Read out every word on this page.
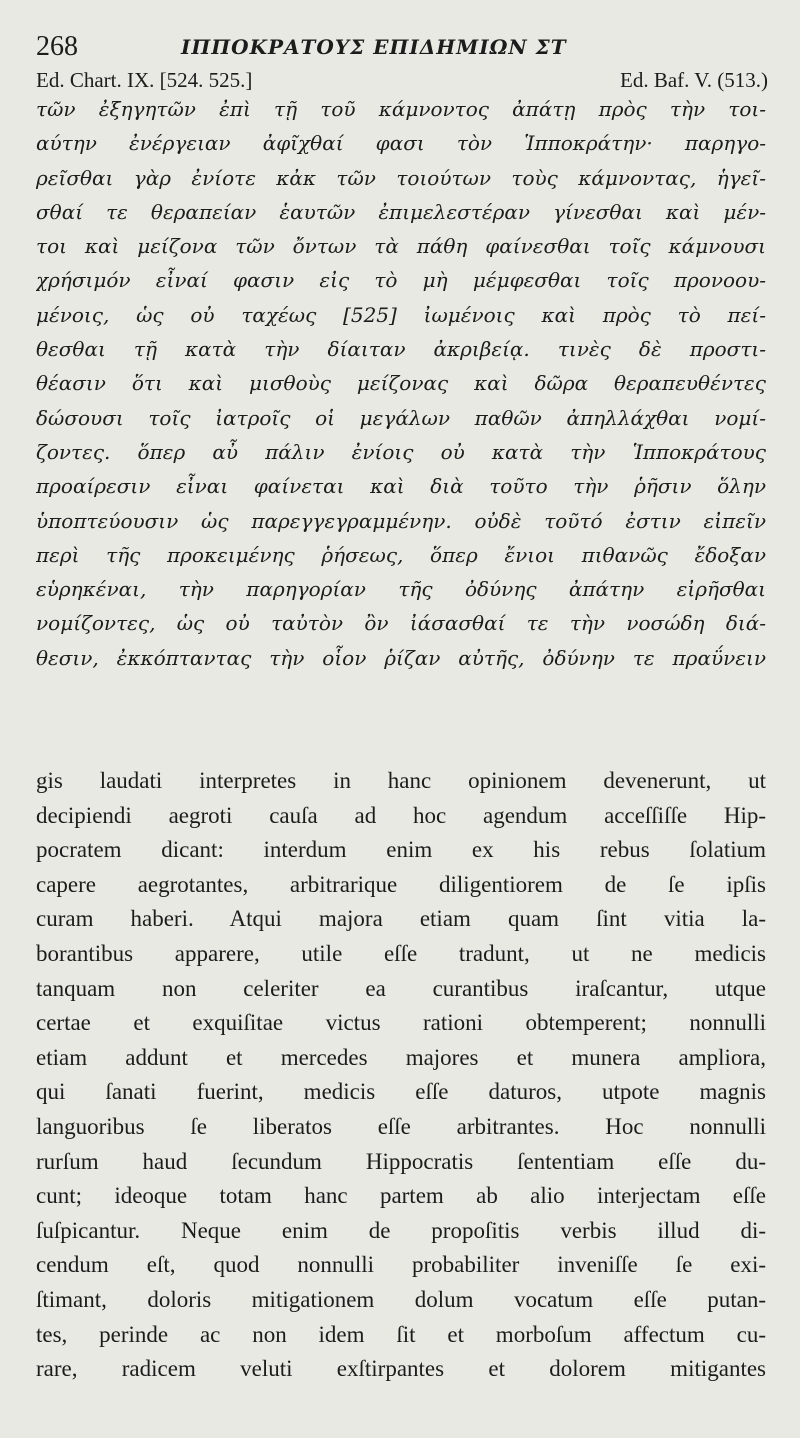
268	ΙΠΠΟΚΡΑΤΟΥΣ ΕΠΙΔΗΜΙΩΝ ΣΤ
Ed. Chart. IX. [524. 525.]	Ed. Baf. V. (513.)
τῶν ἐξηγητῶν ἐπὶ τῇ τοῦ κάμνοντος ἀπάτῃ πρὸς τὴν τοι-
αύτην ἐνέργειαν ἀφῖχθαί φασι τὸν Ἱπποκράτην· παρηγο-
ρεῖσθαι γὰρ ἐνίοτε κἀκ τῶν τοιούτων τοὺς κάμνοντας, ἡγεῖ-
σθαί τε θεραπείαν ἑαυτῶν ἐπιμελεστέραν γίνεσθαι καὶ μέν-
τοι καὶ μείζονα τῶν ὄντων τὰ πάθη φαίνεσθαι τοῖς κάμνουσι
χρήσιμόν εἶναί φασιν εἰς τὸ μὴ μέμφεσθαι τοῖς προνοου-
μένοις, ὡς οὐ ταχέως [525] ἰωμένοις καὶ πρὸς τὸ πεί-
θεσθαι τῇ κατὰ τὴν δίαιταν ἀκριβείᾳ. τινὲς δὲ προστι-
θέασιν ὅτι καὶ μισθοὺς μείζονας καὶ δῶρα θεραπευθέντες
δώσουσι τοῖς ἰατροῖς οἱ μεγάλων παθῶν ἀπηλλάχθαι νομί-
ζοντες. ὅπερ αὖ πάλιν ἐνίοις οὐ κατὰ τὴν Ἱπποκράτους
προαίρεσιν εἶναι φαίνεται καὶ διὰ τοῦτο τὴν ῥῆσιν ὅλην
ὑποπτεύουσιν ὡς παρεγγεγραμμένην. οὐδὲ τοῦτό ἐστιν εἰπεῖν
περὶ τῆς προκειμένης ῥήσεως, ὅπερ ἔνιοι πιθανῶς ἔδοξαν
εὑρηκέναι, τὴν παρηγορίαν τῆς ὀδύνης ἀπάτην εἰρῆσθαι
νομίζοντες, ὡς οὐ ταὐτὸν ὂν ἰάσασθαί τε τὴν νοσώδη διά-
θεσιν, ἐκκόπταντας τὴν οἷον ῥίζαν αὐτῆς, ὀδύνην τε πραΰνειν
gis laudati interpretes in hanc opinionem devenerunt, ut
decipiendi aegroti cauſa ad hoc agendum acceſſiſſe Hip-
pocratem dicant: interdum enim ex his rebus ſolatium
capere aegrotantes, arbitrarique diligentiorem de ſe ipſis
curam haberi. Atqui majora etiam quam ſint vitia la-
borantibus apparere, utile eſſe tradunt, ut ne medicis
tanquam non celeriter ea curantibus iraſcantur, utque
certae et exquiſitae victus rationi obtemperent; nonnulli
etiam addunt et mercedes majores et munera ampliora,
qui ſanati fuerint, medicis eſſe daturos, utpote magnis
languoribus ſe liberatos eſſe arbitrantes. Hoc nonnulli
rurſum haud ſecundum Hippocratis ſententiam eſſe du-
cunt; ideoque totam hanc partem ab alio interjectam eſſe
ſuſpicantur. Neque enim de propoſitis verbis illud di-
cendum eſt, quod nonnulli probabiliter inveniſſe ſe exi-
ſtimant, doloris mitigationem dolum vocatum eſſe putan-
tes, perinde ac non idem ſit et morboſum affectum cu-
rare, radicem veluti exſtirpantes et dolorem mitigantes
